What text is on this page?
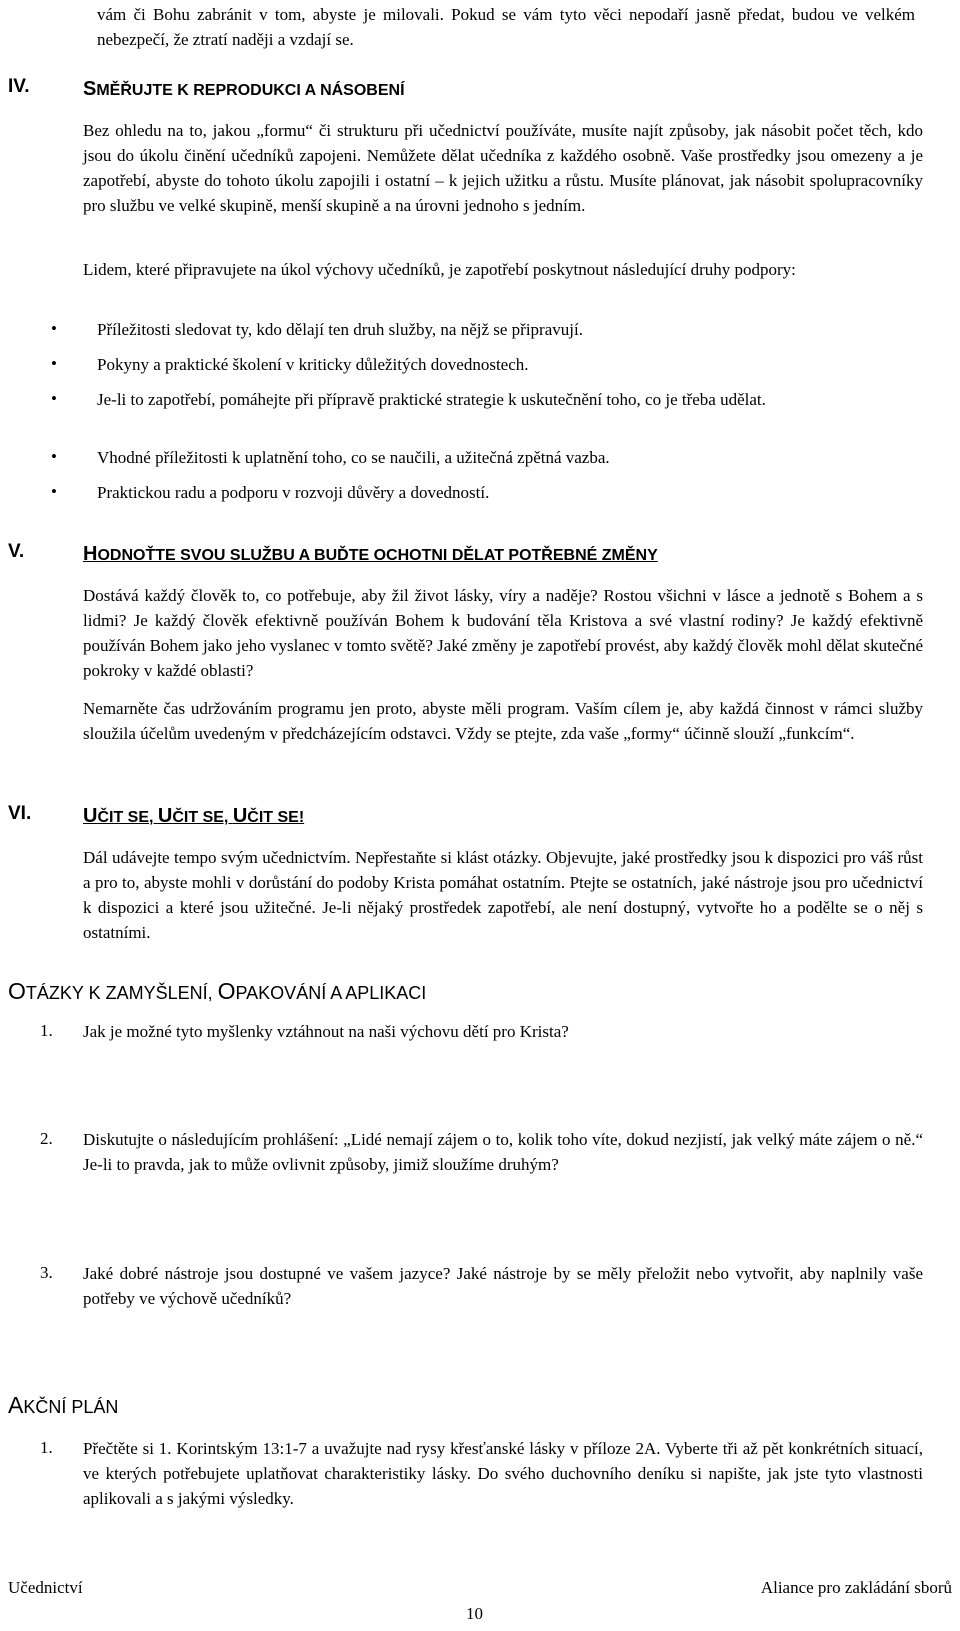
vám či Bohu zabránit v tom, abyste je milovali. Pokud se vám tyto věci nepodaří jasně předat, budou ve velkém nebezpečí, že ztratí naději a vzdají se.
IV.	SMĚŘUJTE K REPRODUKCI A NÁSOBENÍ
Bez ohledu na to, jakou „formu“ či strukturu při učednictví používáte, musíte najít způsoby, jak násobit počet těch, kdo jsou do úkolu činění učedníků zapojeni. Nemůžete dělat učedníka z každého osobně. Vaše prostředky jsou omezeny a je zapotřebí, abyste do tohoto úkolu zapojili i ostatní – k jejich užitku a růstu. Musíte plánovat, jak násobit spolupracovníky pro službu ve velké skupině, menší skupině a na úrovni jednoho s jedním.
Lidem, které připravujete na úkol výchovy učedníků, je zapotřebí poskytnout následující druhy podpory:
• Příležitosti sledovat ty, kdo dělají ten druh služby, na nějž se připravují.
• Pokyny a praktické školení v kriticky důležitých dovednostech.
• Je-li to zapotřebí, pomáhejte při přípravě praktické strategie k uskutečnění toho, co je třeba udělat.
• Vhodné příležitosti k uplatnění toho, co se naučili, a užitečná zpětná vazba.
• Praktickou radu a podporu v rozvoji důvěry a dovedností.
V.	HODNOŤTE SVOU SLUŽBU A BUĎTE OCHOTNI DĚLAT POTŘEBNÉ ZMĚNY
Dostává každý člověk to, co potřebuje, aby žil život lásky, víry a naděje? Rostou všichni v lásce a jednotě s Bohem a s lidmi? Je každý člověk efektivně používán Bohem k budování těla Kristova a své vlastní rodiny? Je každý efektivně používán Bohem jako jeho vyslanec v tomto světě? Jaké změny je zapotřebí provést, aby každý člověk mohl dělat skutečné pokroky v každé oblasti?
Nemarněte čas udržováním programu jen proto, abyste měli program. Vaším cílem je, aby každá činnost v rámci služby sloužila účelům uvedeným v předcházejícím odstavci. Vždy se ptejte, zda vaše „formy“ účinně slouží „funkcím“.
VI.	UČIT SE, UČIT SE, UČIT SE!
Dál udávejte tempo svým učednictvím. Nepřestaňte si klást otázky. Objevujte, jaké prostředky jsou k dispozici pro váš růst a pro to, abyste mohli v dorůstání do podoby Krista pomáhat ostatním. Ptejte se ostatních, jaké nástroje jsou pro učednictví k dispozici a které jsou užitečné. Je-li nějaký prostředek zapotřebí, ale není dostupný, vytvořte ho a podělte se o něj s ostatními.
OTÁZKY K ZAMYŠLENÍ, OPAKOVÁNÍ A APLIKACI
1. Jak je možné tyto myšlenky vztáhnout na naši výchovu dětí pro Krista?
2. Diskutujte o následujícím prohlášení: „Lidé nemají zájem o to, kolik toho víte, dokud nezjistí, jak velký máte zájem o ně.“ Je-li to pravda, jak to může ovlivnit způsoby, jimiž sloužíme druhým?
3. Jaké dobré nástroje jsou dostupné ve vašem jazyce? Jaké nástroje by se měly přeložit nebo vytvořit, aby naplnily vaše potřeby ve výchově učedníků?
AKČNÍ PLÁN
1. Přečtěte si 1. Korintským 13:1-7 a uvažujte nad rysy křesťanské lásky v příloze 2A. Vyberte tři až pět konkrétních situací, ve kterých potřebujete uplatňovat charakteristiky lásky. Do svého duchovního deníku si napište, jak jste tyto vlastnosti aplikovali a s jakými výsledky.
Učednictví	Aliance pro zakládání sborů
10
